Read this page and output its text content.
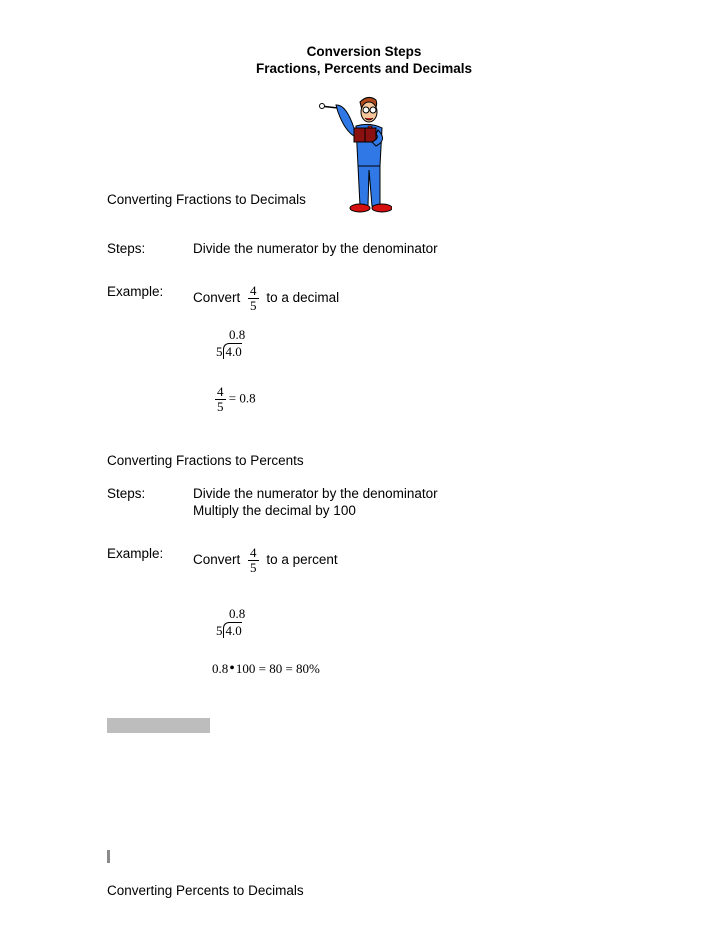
Conversion Steps
Fractions, Percents and Decimals
Converting Fractions to Decimals
Steps:	Divide the numerator by the denominator
Example: Convert $\frac{4}{5}$ to a decimal
0.8
5 4.0
$\frac{4}{5} = 0.8$
Converting Fractions to Percents
Steps:	Divide the numerator by the denominator
Multiply the decimal by 100
Example: Convert $\frac{4}{5}$ to a percent
0.8
5 4.0
0.8•100 = 80 = 80%
Converting Percents to Decimals
